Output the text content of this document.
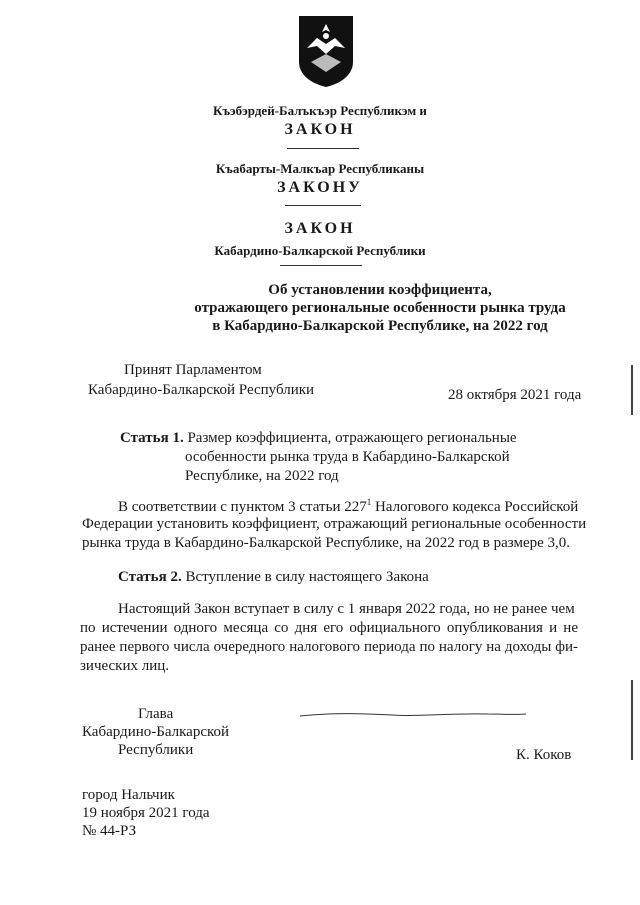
Къэбэрдей-Балъкъэр Республикэм и
ЗАКОН
Къабарты-Малкъар Республиканы
ЗАКОНУ
ЗАКОН
Кабардино-Балкарской Республики
Об установлении коэффициента,
отражающего региональные особенности рынка труда
в Кабардино-Балкарской Республике, на 2022 год
Принят Парламентом
Кабардино-Балкарской Республики	28 октября 2021 года
Статья 1. Размер коэффициента, отражающего региональные
особенности рынка труда в Кабардино-Балкарской
Республике, на 2022 год
В соответствии с пунктом 3 статьи $227^1$ Налогового кодекса Российской
Федерации установить коэффициент, отражающий региональные особенности
рынка труда в Кабардино-Балкарской Республике, на 2022 год в размере 3,0.
Статья 2. Вступление в силу настоящего Закона
Настоящий Закон вступает в силу с 1 января 2022 года, но не ранее чем
по истечении одного месяца со дня его официального опубликования и не
ранее первого числа очередного налогового периода по налогу на доходы фи-
зических лиц.
Глава
Кабардино-Балкарской
Республики	К. Коков
город Нальчик
19 ноября 2021 года
№ 44-РЗ
